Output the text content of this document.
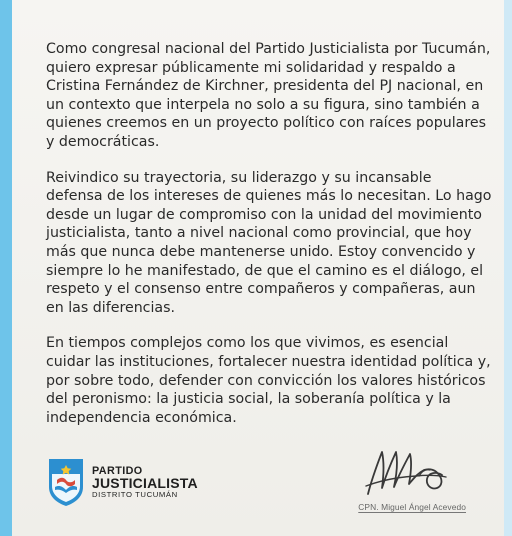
Como congresal nacional del Partido Justicialista por Tucumán, quiero expresar públicamente mi solidaridad y respaldo a Cristina Fernández de Kirchner, presidenta del PJ nacional, en un contexto que interpela no solo a su figura, sino también a quienes creemos en un proyecto político con raíces populares y democráticas.

Reivindico su trayectoria, su liderazgo y su incansable defensa de los intereses de quienes más lo necesitan. Lo hago desde un lugar de compromiso con la unidad del movimiento justicialista, tanto a nivel nacional como provincial, que hoy más que nunca debe mantenerse unido. Estoy convencido y siempre lo he manifestado, de que el camino es el diálogo, el respeto y el consenso entre compañeros y compañeras, aun en las diferencias.

En tiempos complejos como los que vivimos, es esencial cuidar las instituciones, fortalecer nuestra identidad política y, por sobre todo, defender con convicción los valores históricos del peronismo: la justicia social, la soberanía política y la independencia económica.

PARTIDO
JUSTICIALISTA
DISTRITO TUCUMÁN
CPN. Miguel Ángel Acevedo
